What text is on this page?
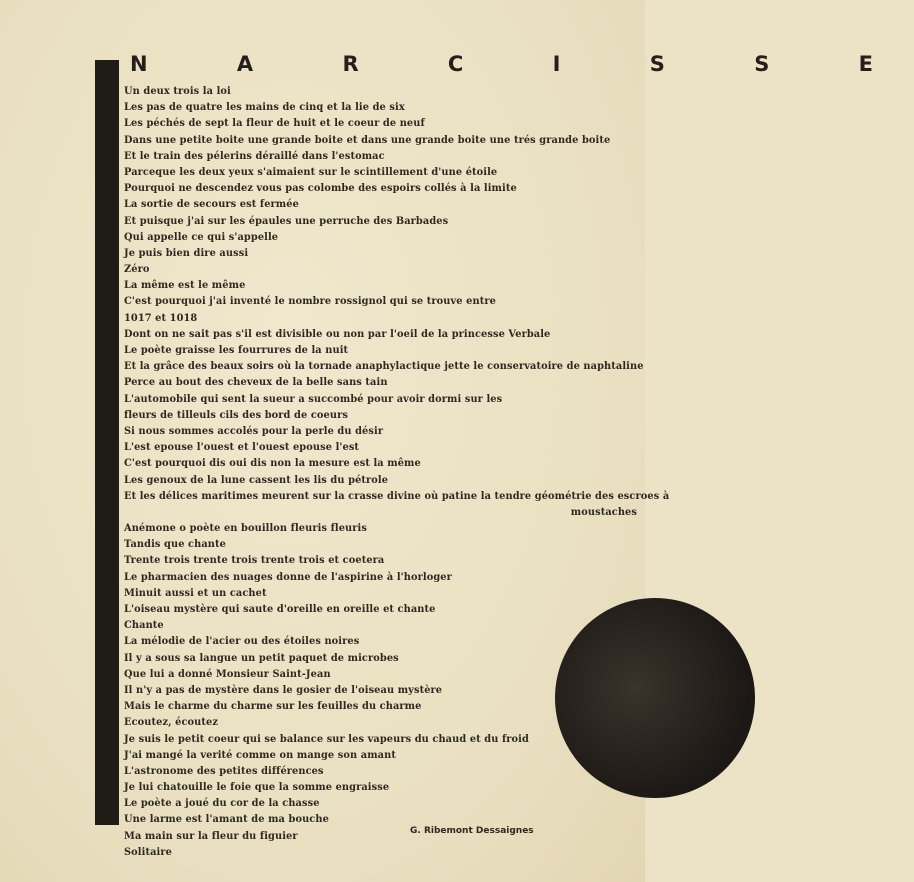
N A R C I S S E
Un deux trois la loi
Les pas de quatre les mains de cinq et la lie de six
Les péchés de sept la fleur de huit et le coeur de neuf
Dans une petite boite une grande boite et dans une grande boite une trés grande boite
Et le train des pélerins déraillé dans l'estomac
Parceque les deux yeux s'aimaient sur le scintillement d'une étoile
Pourquoi ne descendez vous pas colombe des espoirs collés à la limite
La sortie de secours est fermée
Et puisque j'ai sur les épaules une perruche des Barbades
Qui appelle ce qui s'appelle
Je puis bien dire aussi
Zéro
La même est le même
C'est pourquoi j'ai inventé le nombre rossignol qui se trouve entre
1017 et 1018
Dont on ne sait pas s'il est divisible ou non par l'oeil de la princesse Verbale
Le poète graisse les fourrures de la nuit
Et la grâce des beaux soirs où la tornade anaphylactique jette le conservatoire de naphtaline
Perce au bout des cheveux de la belle sans tain
L'automobile qui sent la sueur a succombé pour avoir dormi sur les
fleurs de tilleuls cils des bord de coeurs
Si nous sommes accolés pour la perle du désir
L'est epouse l'ouest et l'ouest epouse l'est
C'est pourquoi dis oui dis non la mesure est la même
Les genoux de la lune cassent les lis du pétrole
Et les délices maritimes meurent sur la crasse divine où patine la tendre géométrie des escroes à
moustaches
Anémone o poète en bouillon fleuris fleuris
Tandis que chante
Trente trois trente trois trente trois et coetera
Le pharmacien des nuages donne de l'aspirine à l'horloger
Minuit aussi et un cachet
L'oiseau mystère qui saute d'oreille en oreille et chante
Chante
La mélodie de l'acier ou des étoiles noires
Il y a sous sa langue un petit paquet de microbes
Que lui a donné Monsieur Saint-Jean
Il n'y a pas de mystère dans le gosier de l'oiseau mystère
Mais le charme du charme sur les feuilles du charme
Ecoutez, écoutez
Je suis le petit coeur qui se balance sur les vapeurs du chaud et du froid
J'ai mangé la verité comme on mange son amant
L'astronome des petites différences
Je lui chatouille le foie que la somme engraisse
Le poète a joué du cor de la chasse
Une larme est l'amant de ma bouche
Ma main sur la fleur du figuier
Solitaire
G. Ribemont Dessaignes
